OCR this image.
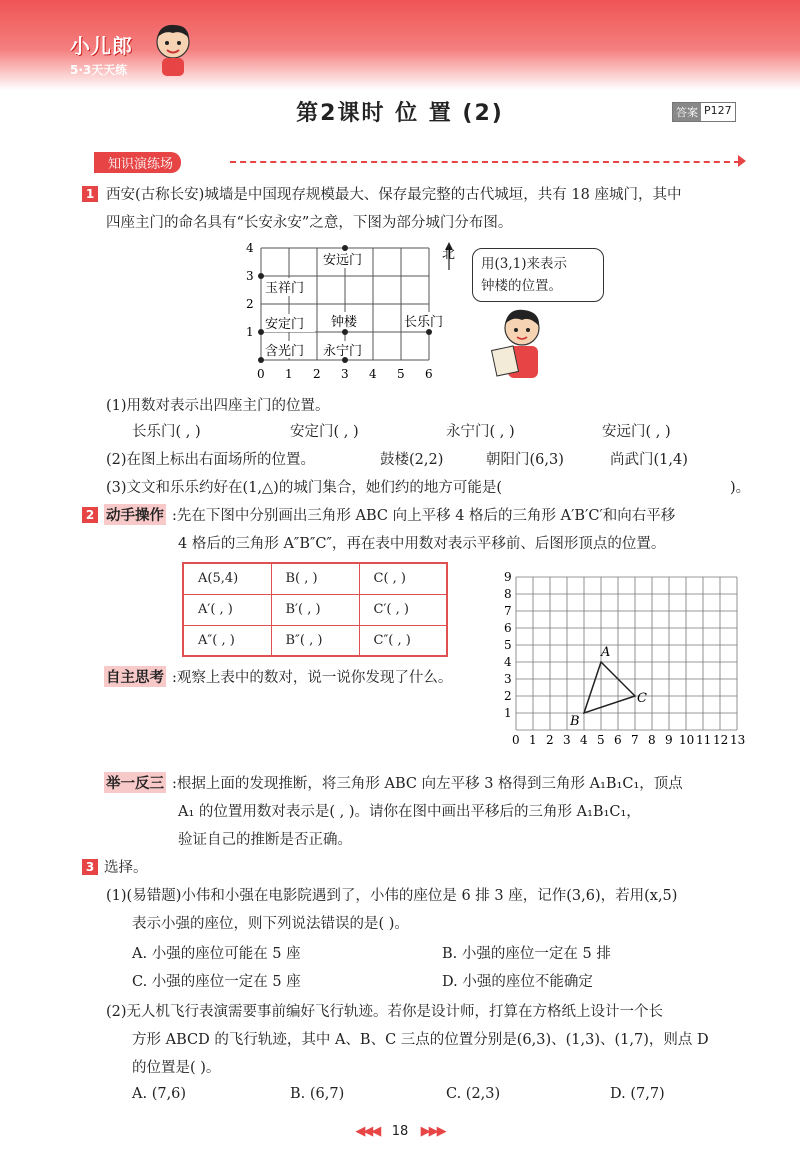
小儿郎
5·3天天练
第2课时 位 置 (2)	答案 P127
知识演练场
1 西安(古称长安)城墙是中国现存规模最大、保存最完整的古代城垣，共有 18 座城门，其中
四座主门的命名具有“长安永安”之意，下图为部分城门分布图。
安远门
玉祥门
安定门 钟楼	长乐门
含光门 永宁门
0 1 2 3 4 5 6
1
2
3
4	北
用(3,1)来表示
钟楼的位置。
(1)用数对表示出四座主门的位置。
长乐门( , )	安定门( , )	永宁门( , )	安远门( , )
(2)在图上标出右面场所的位置。	鼓楼(2,2)	朝阳门(6,3)	尚武门(1,4)
(3)文文和乐乐约好在(1,△)的城门集合，她们约的地方可能是(	)。
2 动手操作 :先在下图中分别画出三角形 ABC 向上平移 4 格后的三角形 A′B′C′和向右平移
4 格后的三角形 A″B″C″，再在表中用数对表示平移前、后图形顶点的位置。
A(5,4)	B( , )	C( , )
A′( , )	B′( , )	C′( , )
A″( , )	B″( , )	C″( , )
自主思考 :观察上表中的数对，说一说你发现了什么。
0 1 2 3 4 5 6 7 8 9 10 11 12 13
1
2
3
4
5
6
7
8
9
A
B
C
举一反三 :根据上面的发现推断，将三角形 ABC 向左平移 3 格得到三角形 A₁B₁C₁，顶点
A₁ 的位置用数对表示是( , )。请你在图中画出平移后的三角形 A₁B₁C₁，
验证自己的推断是否正确。
3 选择。
(1)(易错题)小伟和小强在电影院遇到了，小伟的座位是 6 排 3 座，记作(3,6)，若用(x,5)
表示小强的座位，则下列说法错误的是( )。
A. 小强的座位可能在 5 座	B. 小强的座位一定在 5 排
C. 小强的座位一定在 5 座	D. 小强的座位不能确定
(2)无人机飞行表演需要事前编好飞行轨迹。若你是设计师，打算在方格纸上设计一个长
方形 ABCD 的飞行轨迹，其中 A、B、C 三点的位置分别是(6,3)、(1,3)、(1,7)，则点 D
的位置是( )。
A. (7,6)	B. (6,7)	C. (2,3)	D. (7,7)
◀◀◀ 18 ▶▶▶
